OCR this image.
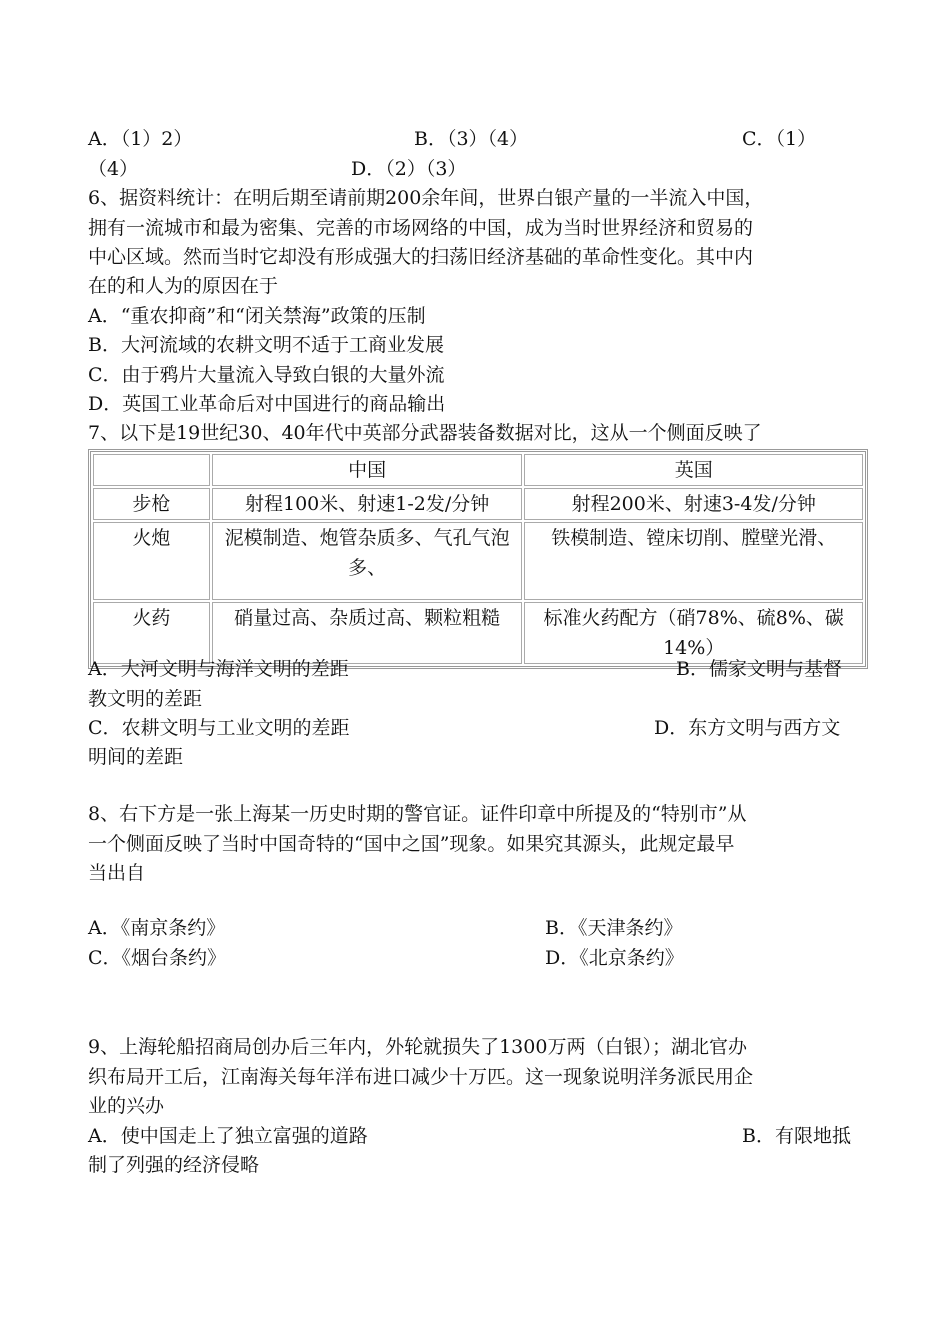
A．（1）2）	B．（3）（4）	C．（1）
（4）	D．（2）（3）
6、据资料统计：在明后期至请前期200余年间，世界白银产量的一半流入中国，
拥有一流城市和最为密集、完善的市场网络的中国，成为当时世界经济和贸易的
中心区域。然而当时它却没有形成强大的扫荡旧经济基础的革命性变化。其中内
在的和人为的原因在于
A．“重农抑商”和“闭关禁海”政策的压制
B．大河流域的农耕文明不适于工商业发展
C．由于鸦片大量流入导致白银的大量外流
D．英国工业革命后对中国进行的商品输出
7、以下是19世纪30、40年代中英部分武器装备数据对比，这从一个侧面反映了
	中国	英国
步枪	射程100米、射速1-2发/分钟	射程200米、射速3-4发/分钟
火炮	泥模制造、炮管杂质多、气孔气泡多、	铁模制造、镗床切削、膛壁光滑、
火药	硝量过高、杂质过高、颗粒粗糙	标准火药配方（硝78%、硫8%、碳14%）
A．大河文明与海洋文明的差距	B．儒家文明与基督
教文明的差距
C．农耕文明与工业文明的差距	D．东方文明与西方文
明间的差距
8、右下方是一张上海某一历史时期的警官证。证件印章中所提及的“特别市”从
一个侧面反映了当时中国奇特的“国中之国”现象。如果究其源头，此规定最早
当出自
A．《南京条约》	B．《天津条约》
C．《烟台条约》	D．《北京条约》
9、上海轮船招商局创办后三年内，外轮就损失了1300万两（白银）；湖北官办
织布局开工后，江南海关每年洋布进口减少十万匹。这一现象说明洋务派民用企
业的兴办
A．使中国走上了独立富强的道路	B．有限地抵
制了列强的经济侵略
